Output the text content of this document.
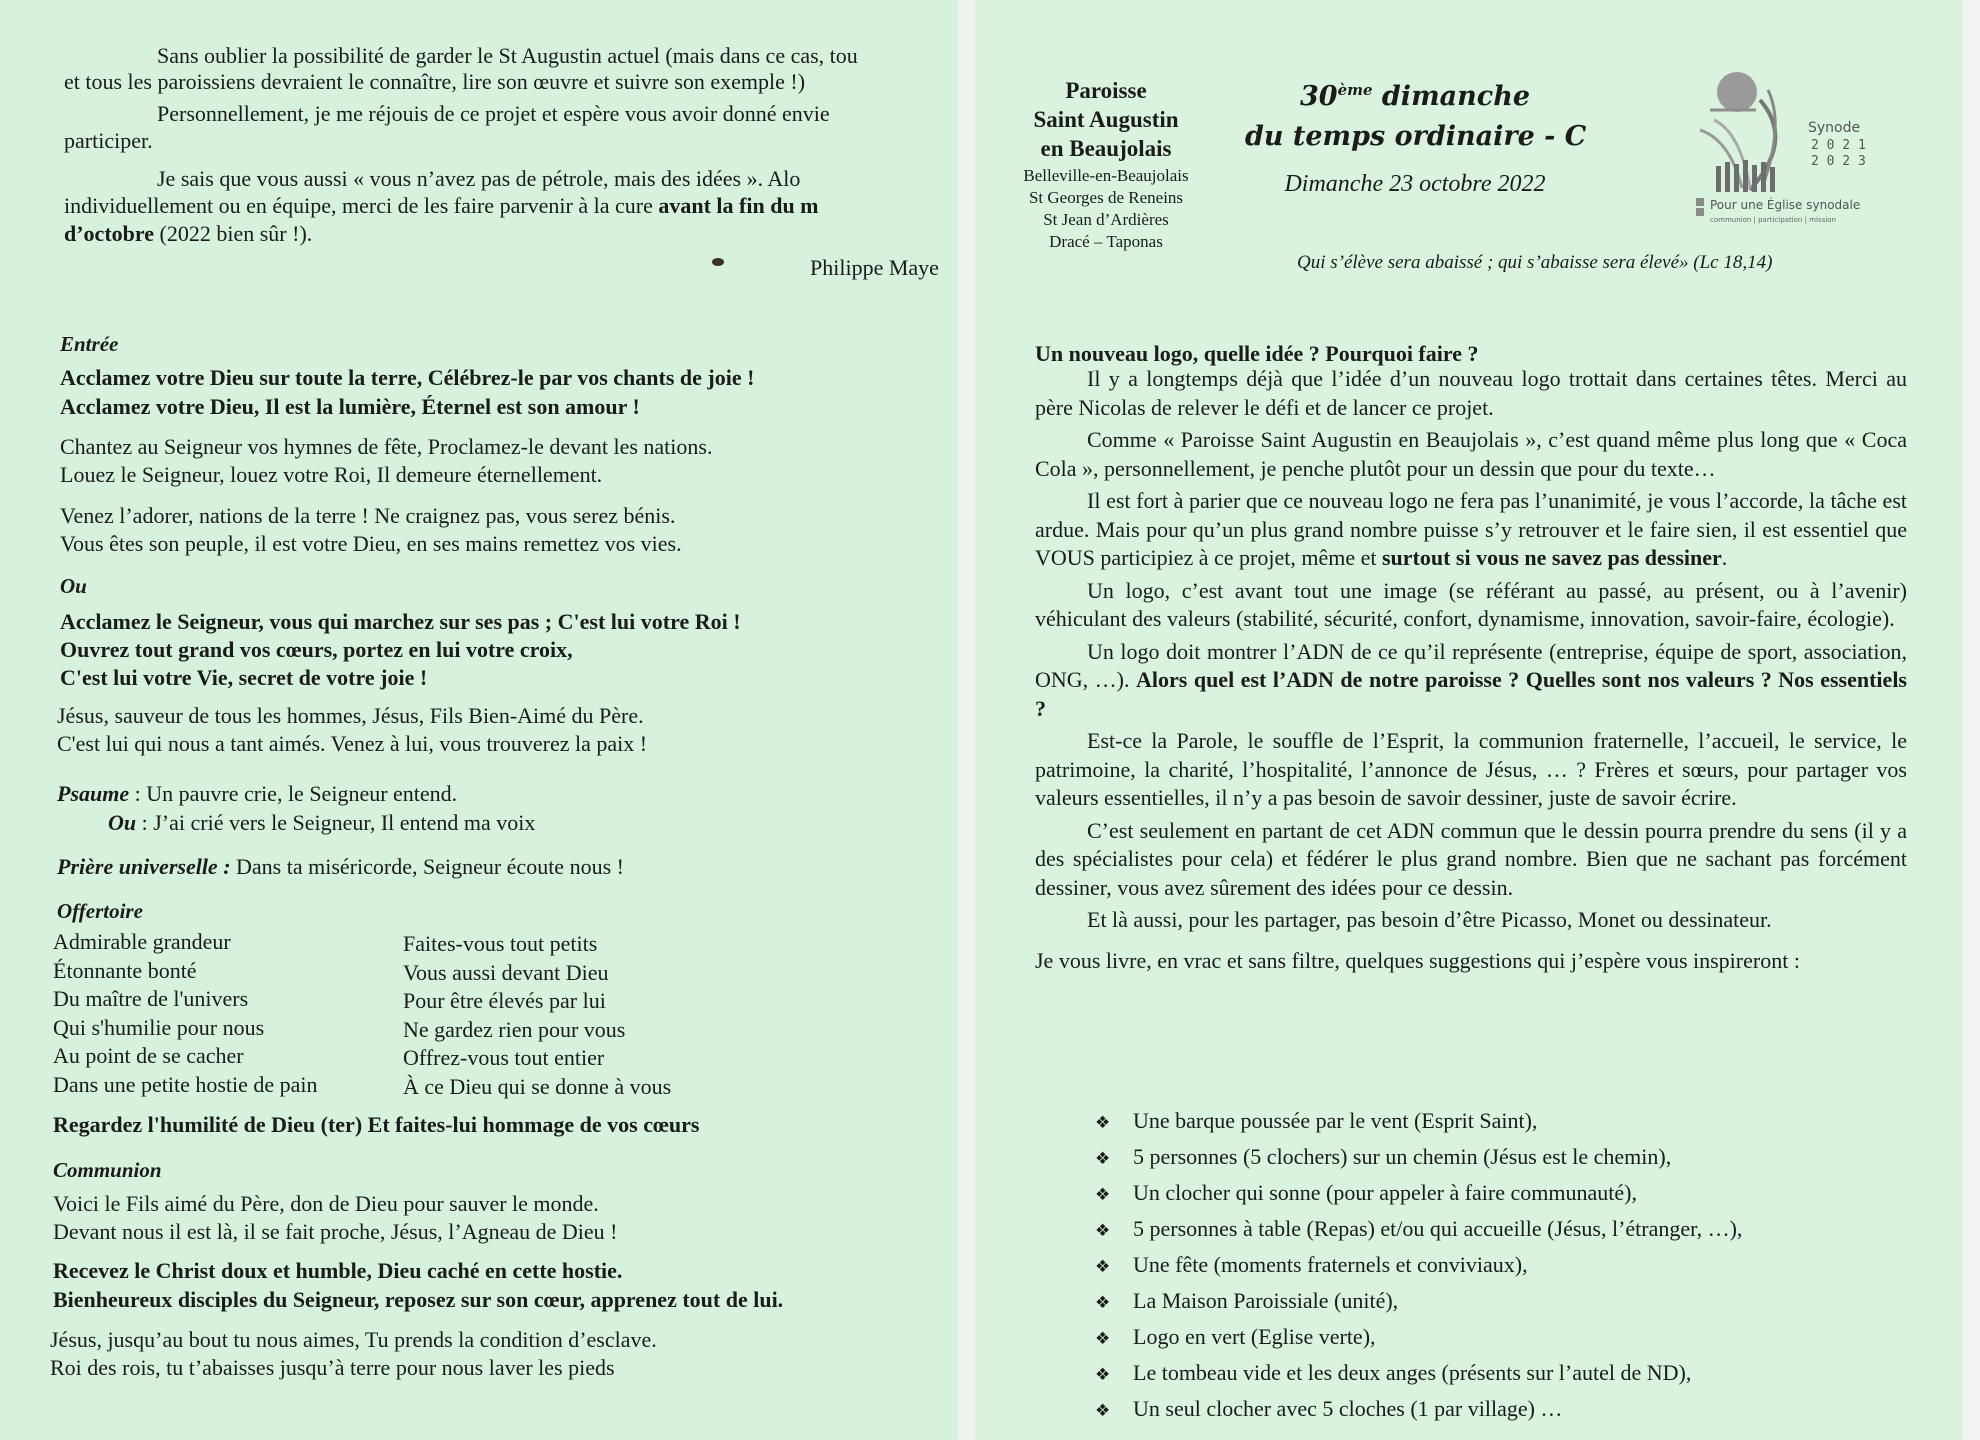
Sans oublier la possibilité de garder le St Augustin actuel (mais dans ce cas, tou

et tous les paroissiens devraient le connaître, lire son œuvre et suivre son exemple !)

Personnellement, je me réjouis de ce projet et espère vous avoir donné envie

participer.

Je sais que vous aussi « vous n’avez pas de pétrole, mais des idées ». Alo

individuellement ou en équipe, merci de les faire parvenir à la cure avant la fin du m

d’octobre (2022 bien sûr !).

Philippe Maye

Entrée

Acclamez votre Dieu sur toute la terre, Célébrez-le par vos chants de joie !

Acclamez votre Dieu, Il est la lumière, Éternel est son amour !

Chantez au Seigneur vos hymnes de fête, Proclamez-le devant les nations.

Louez le Seigneur, louez votre Roi, Il demeure éternellement.

Venez l’adorer, nations de la terre ! Ne craignez pas, vous serez bénis.

Vous êtes son peuple, il est votre Dieu, en ses mains remettez vos vies.

Ou

Acclamez le Seigneur, vous qui marchez sur ses pas ; C'est lui votre Roi !

Ouvrez tout grand vos cœurs, portez en lui votre croix,

C'est lui votre Vie, secret de votre joie !

Jésus, sauveur de tous les hommes, Jésus, Fils Bien-Aimé du Père.

C'est lui qui nous a tant aimés. Venez à lui, vous trouverez la paix !

Psaume : Un pauvre crie, le Seigneur entend.

Ou : J’ai crié vers le Seigneur, Il entend ma voix

Prière universelle : Dans ta miséricorde, Seigneur écoute nous !

Offertoire

Admirable grandeur

Étonnante bonté

Du maître de l'univers

Qui s'humilie pour nous

Au point de se cacher

Dans une petite hostie de pain

Faites-vous tout petits

Vous aussi devant Dieu

Pour être élevés par lui

Ne gardez rien pour vous

Offrez-vous tout entier

À ce Dieu qui se donne à vous

Regardez l'humilité de Dieu (ter) Et faites-lui hommage de vos cœurs

Communion

Voici le Fils aimé du Père, don de Dieu pour sauver le monde.

Devant nous il est là, il se fait proche, Jésus, l’Agneau de Dieu !

Recevez le Christ doux et humble, Dieu caché en cette hostie.

Bienheureux disciples du Seigneur, reposez sur son cœur, apprenez tout de lui.

Jésus, jusqu’au bout tu nous aimes, Tu prends la condition d’esclave.

Roi des rois, tu t’abaisses jusqu’à terre pour nous laver les pieds

Paroisse

Saint Augustin

en Beaujolais

Belleville-en-Beaujolais

St Georges de Reneins

St Jean d’Ardières

Dracé – Taponas

30ème dimanche

du temps ordinaire - C

Dimanche 23 octobre 2022

Qui s’élève sera abaissé ; qui s’abaisse sera élevé» (Lc 18,14)

Synode

2 0 2 1

2 0 2 3

Pour une Église synodale

communion | participation | mission

Un nouveau logo, quelle idée ? Pourquoi faire ?

Il y a longtemps déjà que l’idée d’un nouveau logo trottait dans certaines têtes. Merci au père Nicolas de relever le défi et de lancer ce projet.

Comme « Paroisse Saint Augustin en Beaujolais », c’est quand même plus long que « Coca Cola », personnellement, je penche plutôt pour un dessin que pour du texte…

Il est fort à parier que ce nouveau logo ne fera pas l’unanimité, je vous l’accorde, la tâche est ardue. Mais pour qu’un plus grand nombre puisse s’y retrouver et le faire sien, il est essentiel que VOUS participiez à ce projet, même et surtout si vous ne savez pas dessiner.

Un logo, c’est avant tout une image (se référant au passé, au présent, ou à l’avenir) véhiculant des valeurs (stabilité, sécurité, confort, dynamisme, innovation, savoir-faire, écologie).

Un logo doit montrer l’ADN de ce qu’il représente (entreprise, équipe de sport, association, ONG, …). Alors quel est l’ADN de notre paroisse ? Quelles sont nos valeurs ? Nos essentiels ?

Est-ce la Parole, le souffle de l’Esprit, la communion fraternelle, l’accueil, le service, le patrimoine, la charité, l’hospitalité, l’annonce de Jésus, … ? Frères et sœurs, pour partager vos valeurs essentielles, il n’y a pas besoin de savoir dessiner, juste de savoir écrire.

C’est seulement en partant de cet ADN commun que le dessin pourra prendre du sens (il y a des spécialistes pour cela) et fédérer le plus grand nombre. Bien que ne sachant pas forcément dessiner, vous avez sûrement des idées pour ce dessin.

Et là aussi, pour les partager, pas besoin d’être Picasso, Monet ou dessinateur.

Je vous livre, en vrac et sans filtre, quelques suggestions qui j’espère vous inspireront :

❖ Une barque poussée par le vent (Esprit Saint),
❖ 5 personnes (5 clochers) sur un chemin (Jésus est le chemin),
❖ Un clocher qui sonne (pour appeler à faire communauté),
❖ 5 personnes à table (Repas) et/ou qui accueille (Jésus, l’étranger, …),
❖ Une fête (moments fraternels et conviviaux),
❖ La Maison Paroissiale (unité),
❖ Logo en vert (Eglise verte),
❖ Le tombeau vide et les deux anges (présents sur l’autel de ND),
❖ Un seul clocher avec 5 cloches (1 par village) …
